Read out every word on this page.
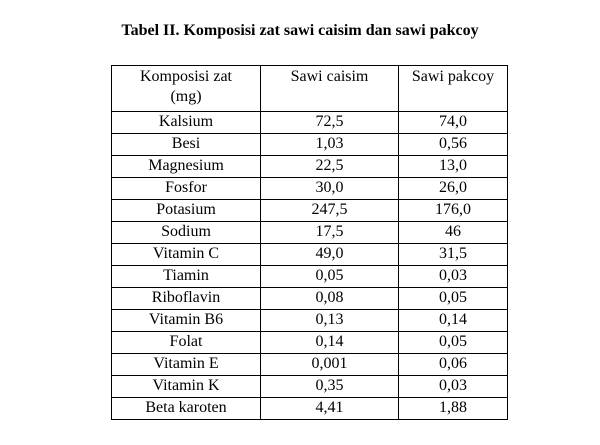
Tabel II. Komposisi zat sawi caisim dan sawi pakcoy
Komposisi zat
(mg)	Sawi caisim	Sawi pakcoy
Kalsium	72,5	74,0
Besi	1,03	0,56
Magnesium	22,5	13,0
Fosfor	30,0	26,0
Potasium	247,5	176,0
Sodium	17,5	46
Vitamin C	49,0	31,5
Tiamin	0,05	0,03
Riboflavin	0,08	0,05
Vitamin B6	0,13	0,14
Folat	0,14	0,05
Vitamin E	0,001	0,06
Vitamin K	0,35	0,03
Beta karoten	4,41	1,88
